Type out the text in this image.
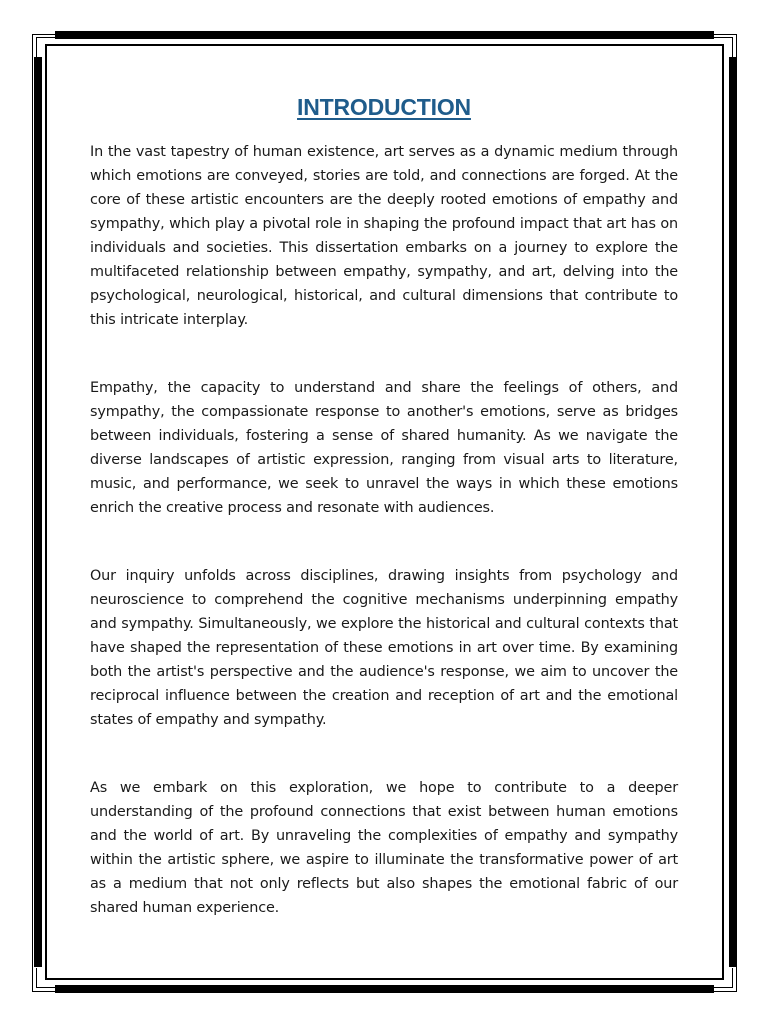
INTRODUCTION

In the vast tapestry of human existence, art serves as a dynamic medium through which emotions are conveyed, stories are told, and connections are forged. At the core of these artistic encounters are the deeply rooted emotions of empathy and sympathy, which play a pivotal role in shaping the profound impact that art has on individuals and societies. This dissertation embarks on a journey to explore the multifaceted relationship between empathy, sympathy, and art, delving into the psychological, neurological, historical, and cultural dimensions that contribute to this intricate interplay.

Empathy, the capacity to understand and share the feelings of others, and sympathy, the compassionate response to another's emotions, serve as bridges between individuals, fostering a sense of shared humanity. As we navigate the diverse landscapes of artistic expression, ranging from visual arts to literature, music, and performance, we seek to unravel the ways in which these emotions enrich the creative process and resonate with audiences.

Our inquiry unfolds across disciplines, drawing insights from psychology and neuroscience to comprehend the cognitive mechanisms underpinning empathy and sympathy. Simultaneously, we explore the historical and cultural contexts that have shaped the representation of these emotions in art over time. By examining both the artist's perspective and the audience's response, we aim to uncover the reciprocal influence between the creation and reception of art and the emotional states of empathy and sympathy.

As we embark on this exploration, we hope to contribute to a deeper understanding of the profound connections that exist between human emotions and the world of art. By unraveling the complexities of empathy and sympathy within the artistic sphere, we aspire to illuminate the transformative power of art as a medium that not only reflects but also shapes the emotional fabric of our shared human experience.
